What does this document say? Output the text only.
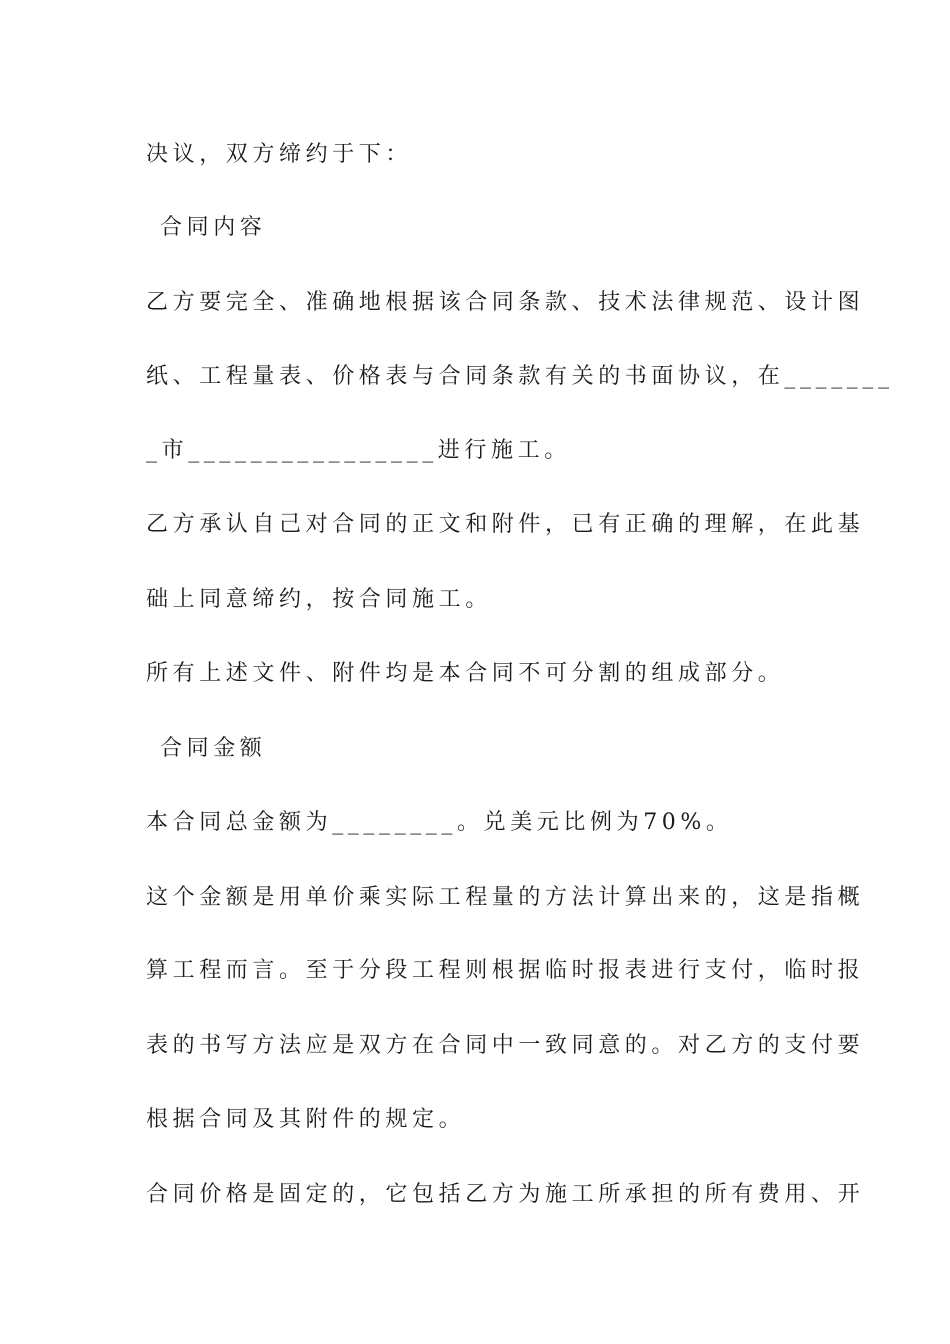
决议，双方缔约于下：
合同内容
乙方要完全、准确地根据该合同条款、技术法律规范、设计图
纸、工程量表、价格表与合同条款有关的书面协议，在_______
_市________________进行施工。
乙方承认自己对合同的正文和附件，已有正确的理解，在此基
础上同意缔约，按合同施工。
所有上述文件、附件均是本合同不可分割的组成部分。
合同金额
本合同总金额为________。兑美元比例为70%。
这个金额是用单价乘实际工程量的方法计算出来的，这是指概
算工程而言。至于分段工程则根据临时报表进行支付，临时报
表的书写方法应是双方在合同中一致同意的。对乙方的支付要
根据合同及其附件的规定。
合同价格是固定的，它包括乙方为施工所承担的所有费用、开
